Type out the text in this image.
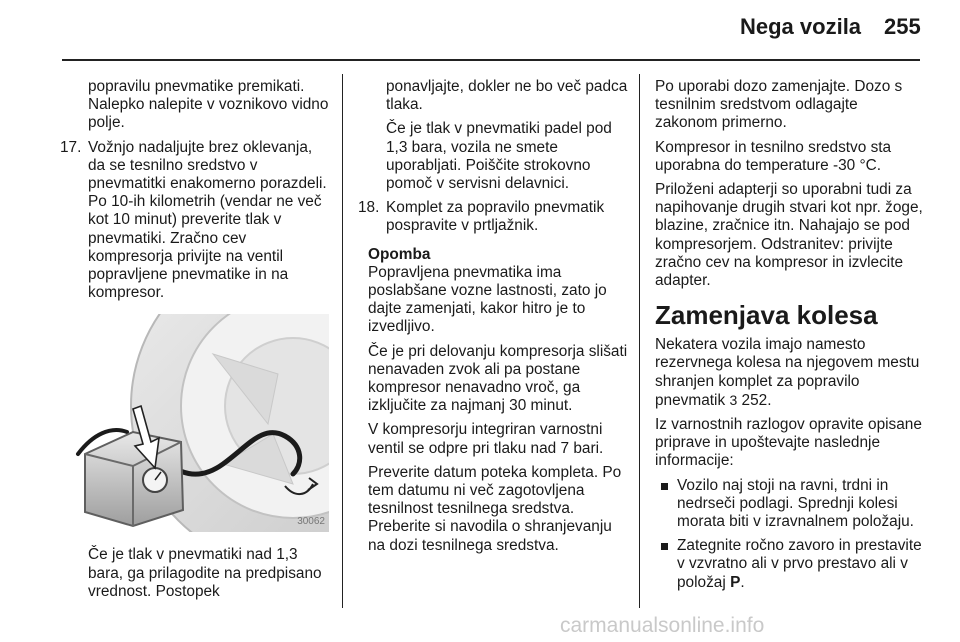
Nega vozila 255

popravilu pnevmatike premikati. Nalepko nalepite v voznikovo vidno polje.

17. Vožnjo nadaljujte brez oklevanja, da se tesnilno sredstvo v pnevmatitki enakomerno porazdeli. Po 10-ih kilometrih (vendar ne več kot 10 minut) preverite tlak v pnevmatiki. Zračno cev kompresorja privijte na ventil popravljene pnevmatike in na kompresor.
30062

Če je tlak v pnevmatiki nad 1,3 bara, ga prilagodite na predpisano vrednost. Postopek

ponavljajte, dokler ne bo več padca tlaka.

Če je tlak v pnevmatiki padel pod 1,3 bara, vozila ne smete uporabljati. Poiščite strokovno pomoč v servisni delavnici.

18. Komplet za popravilo pnevmatik pospravite v prtljažnik.
Opomba

Popravljena pnevmatika ima poslabšane vozne lastnosti, zato jo dajte zamenjati, kakor hitro je to izvedljivo.

Če je pri delovanju kompresorja slišati nenavaden zvok ali pa postane kompresor nenavadno vroč, ga izključite za najmanj 30 minut.

V kompresorju integriran varnostni ventil se odpre pri tlaku nad 7 bari.

Preverite datum poteka kompleta. Po tem datumu ni več zagotovljena tesnilnost tesnilnega sredstva. Preberite si navodila o shranjevanju na dozi tesnilnega sredstva.

Po uporabi dozo zamenjajte. Dozo s tesnilnim sredstvom odlagajte zakonom primerno.

Kompresor in tesnilno sredstvo sta uporabna do temperature -30 °C.

Priloženi adapterji so uporabni tudi za napihovanje drugih stvari kot npr. žoge, blazine, zračnice itn. Nahajajo se pod kompresorjem. Odstranitev: privijte zračno cev na kompresor in izvlecite adapter.

Zamenjava kolesa

Nekatera vozila imajo namesto rezervnega kolesa na njegovem mestu shranjen komplet za popravilo pnevmatik 3 252.

Iz varnostnih razlogov opravite opisane priprave in upoštevajte naslednje informacije:

Vozilo naj stoji na ravni, trdni in nedrseči podlagi. Sprednji kolesi morata biti v izravnalnem položaju.
Zategnite ročno zavoro in prestavite v vzvratno ali v prvo prestavo ali v položaj P.
carmanualsonline.info
